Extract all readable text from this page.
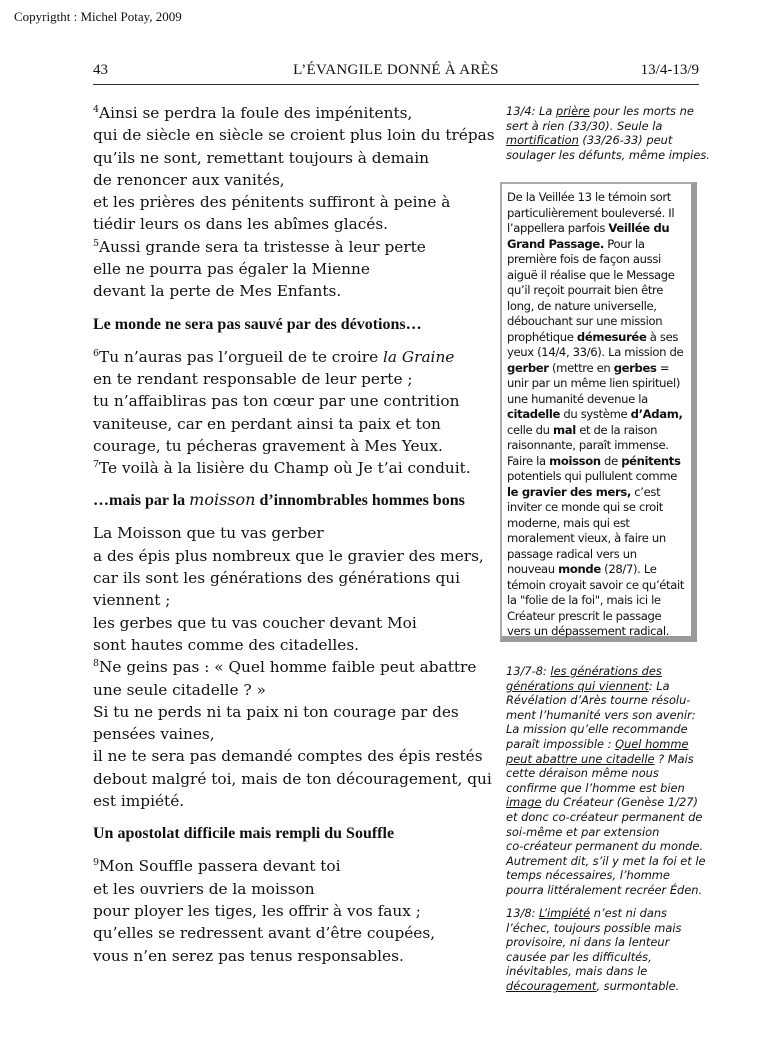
Copyrigtht : Michel Potay, 2009
43	L’ÉVANGILE DONNÉ À ARÈS	13/4-13/9
$^4$Ainsi se perdra la foule des impénitents,
qui de siècle en siècle se croient plus loin du trépas
qu’ils ne sont, remettant toujours à demain
de renoncer aux vanités,
et les prières des pénitents suffiront à peine à
tiédir leurs os dans les abîmes glacés.
$^5$Aussi grande sera ta tristesse à leur perte
elle ne pourra pas égaler la Mienne
devant la perte de Mes Enfants.
Le monde ne sera pas sauvé par des dévotions…
$^6$Tu n’auras pas l’orgueil de te croire la Graine
en te rendant responsable de leur perte ;
tu n’affaibliras pas ton cœur par une contrition
vaniteuse, car en perdant ainsi ta paix et ton
courage, tu pécheras gravement à Mes Yeux.
$^7$Te voilà à la lisière du Champ où Je t’ai conduit.
…mais par la moisson d’innombrables hommes bons
La Moisson que tu vas gerber
a des épis plus nombreux que le gravier des mers,
car ils sont les générations des générations qui
viennent ;
les gerbes que tu vas coucher devant Moi
sont hautes comme des citadelles.
$^8$Ne geins pas : « Quel homme faible peut abattre
une seule citadelle ? »
Si tu ne perds ni ta paix ni ton courage par des
pensées vaines,
il ne te sera pas demandé comptes des épis restés
debout malgré toi, mais de ton découragement, qui
est impiété.
Un apostolat difficile mais rempli du Souffle
$^9$Mon Souffle passera devant toi
et les ouvriers de la moisson
pour ployer les tiges, les offrir à vos faux ;
qu’elles se redressent avant d’être coupées,
vous n’en serez pas tenus responsables.
13/4: La prière pour les morts ne
sert à rien (33/30). Seule la
mortification (33/26-33) peut
soulager les défunts, même impies.
De la Veillée 13 le témoin sort
particulièrement bouleversé. Il
l’appellera parfois Veillée du
Grand Passage. Pour la
première fois de façon aussi
aiguë il réalise que le Message
qu’il reçoit pourrait bien être
long, de nature universelle,
débouchant sur une mission
prophétique démesurée à ses
yeux (14/4, 33/6). La mission de
gerber (mettre en gerbes =
unir par un même lien spirituel)
une humanité devenue la
citadelle du système d’Adam,
celle du mal et de la raison
raisonnante, paraît immense.
Faire la moisson de pénitents
potentiels qui pullulent comme
le gravier des mers, c’est
inviter ce monde qui se croit
moderne, mais qui est
moralement vieux, à faire un
passage radical vers un
nouveau monde (28/7). Le
témoin croyait savoir ce qu’était
la "folie de la foi", mais ici le
Créateur prescrit le passage
vers un dépassement radical.
13/7-8: les générations des
générations qui viennent: La
Révélation d’Arès tourne résolu-
ment l’humanité vers son avenir:
La mission qu’elle recommande
paraît impossible : Quel homme
peut abattre une citadelle ? Mais
cette déraison même nous
confirme que l’homme est bien
image du Créateur (Genèse 1/27)
et donc co-créateur permanent de
soi-même et par extension
co-créateur permanent du monde.
Autrement dit, s’il y met la foi et le
temps nécessaires, l’homme
pourra littéralement recréer Éden.
13/8: L’impiété n’est ni dans
l’échec, toujours possible mais
provisoire, ni dans la lenteur
causée par les difficultés,
inévitables, mais dans le
découragement, surmontable.
